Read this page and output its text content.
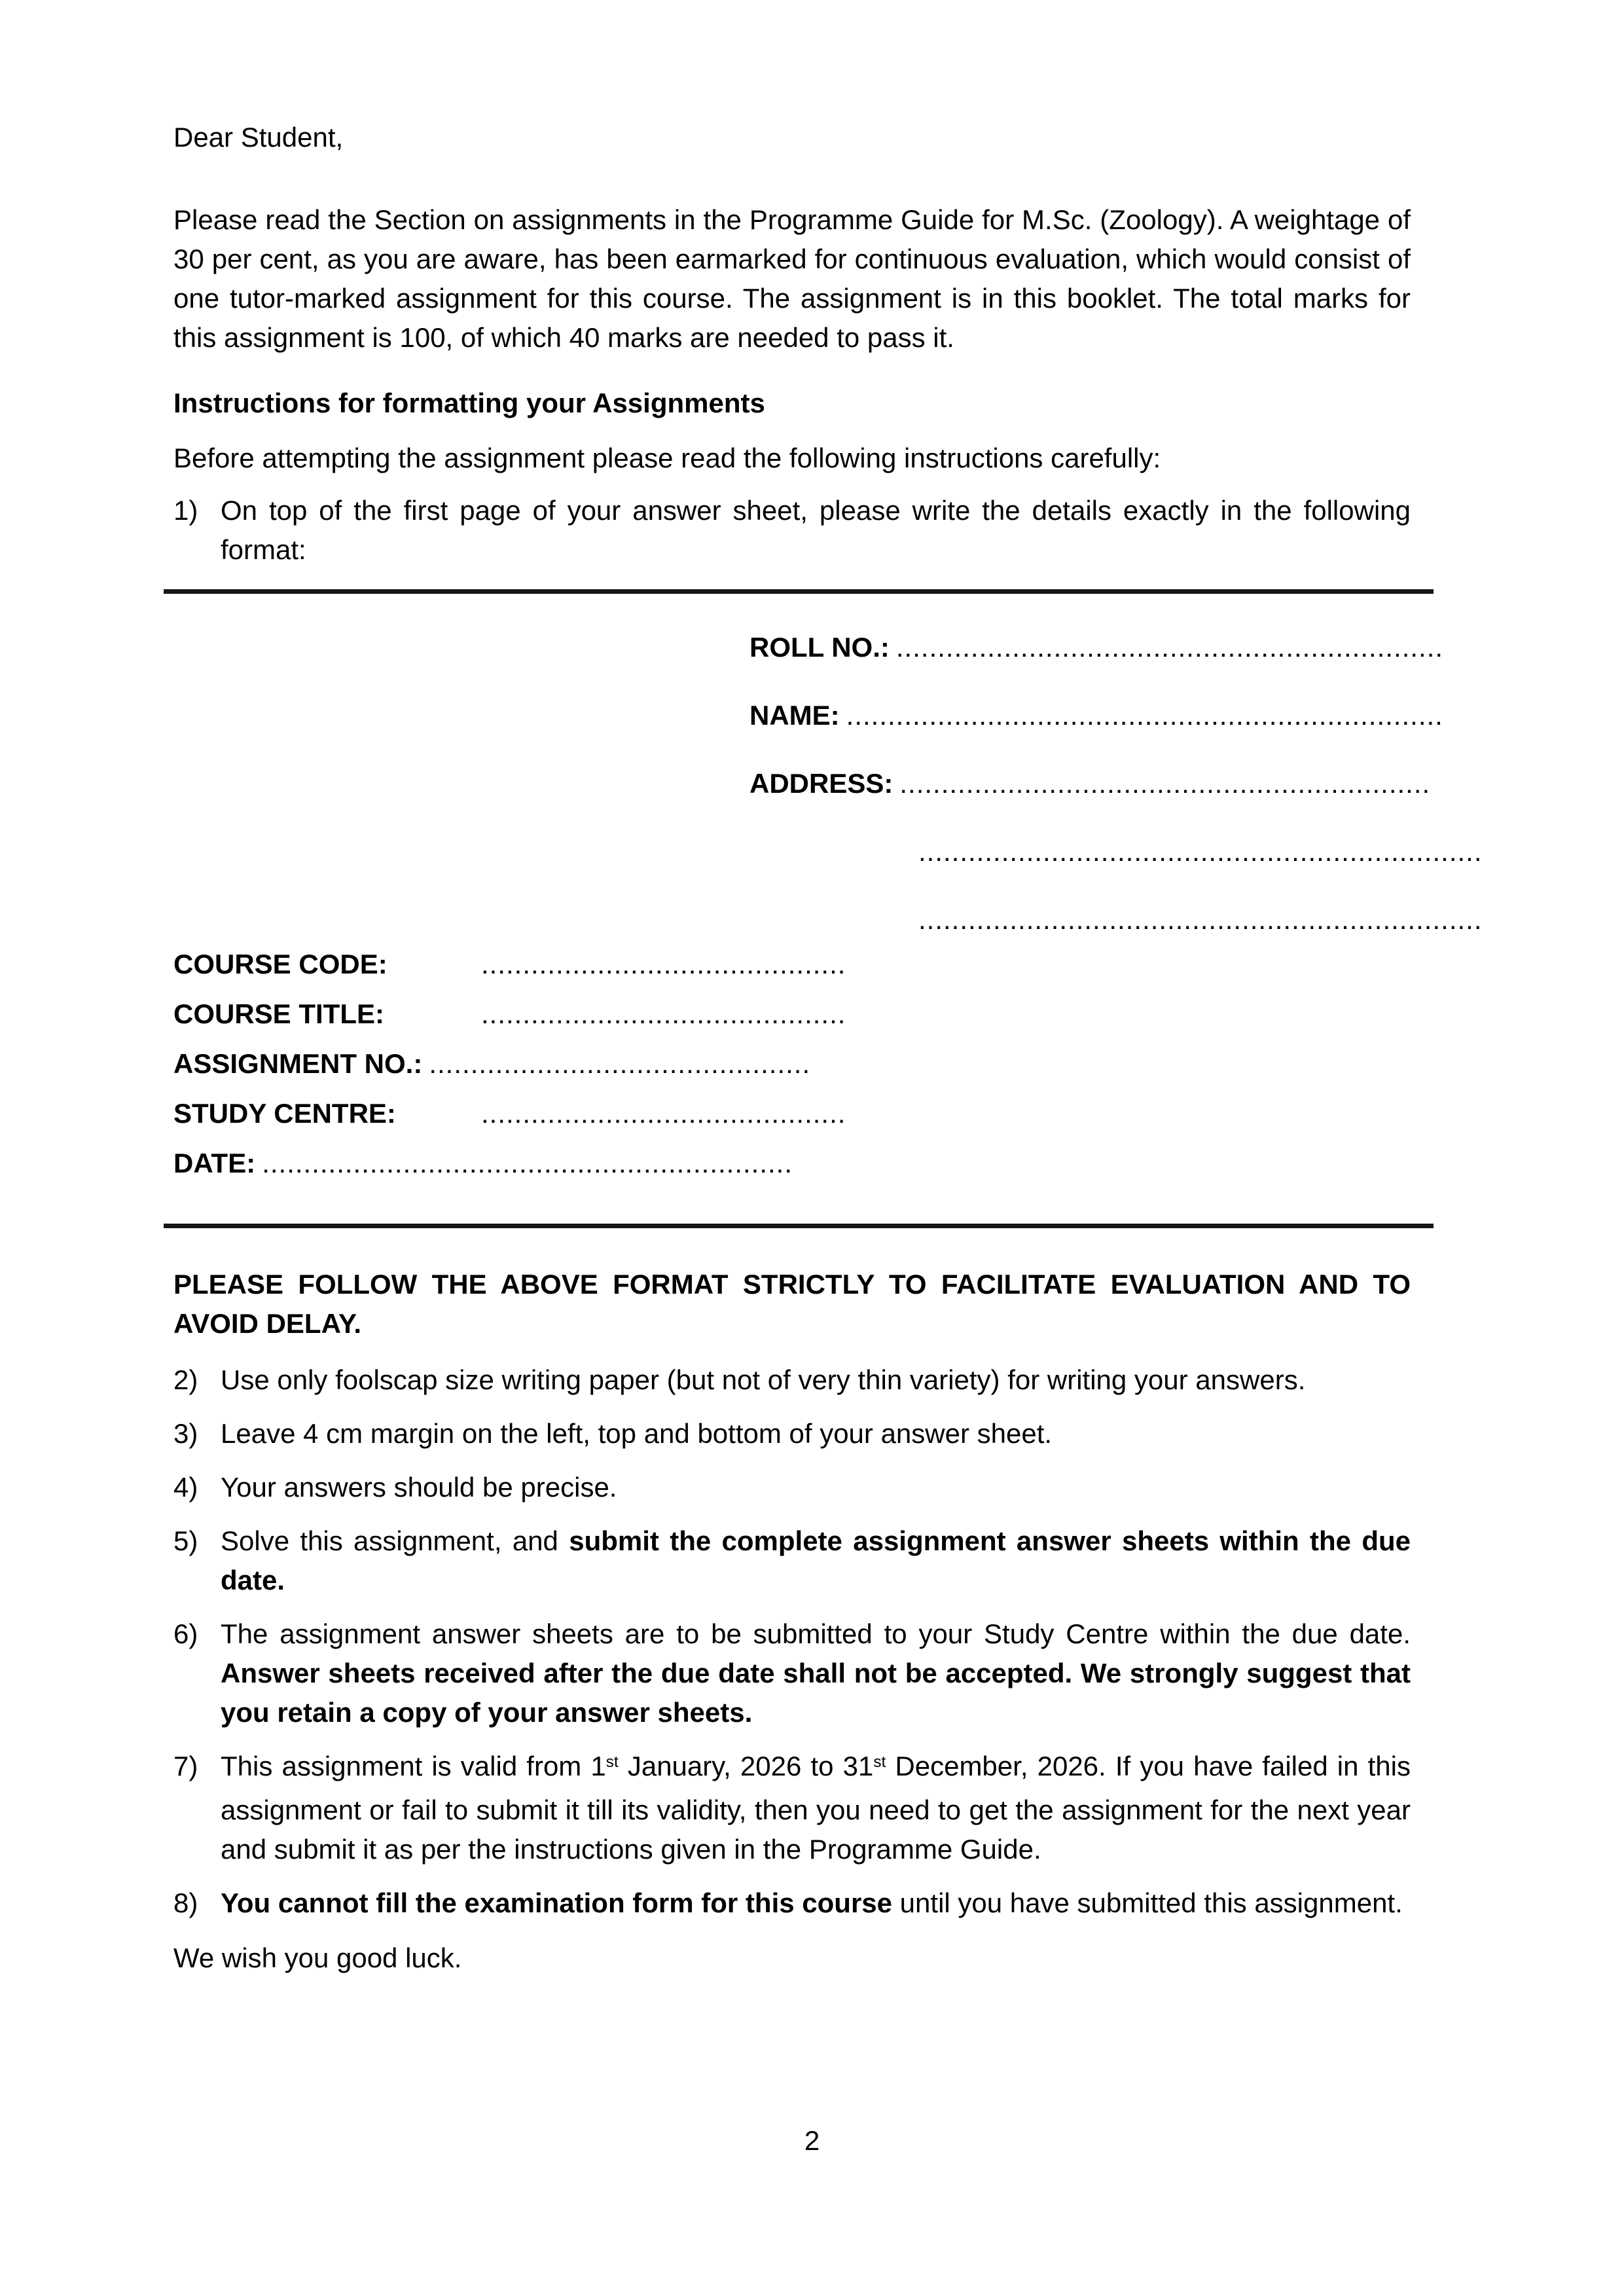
Dear Student,

Please read the Section on assignments in the Programme Guide for M.Sc. (Zoology). A weightage of 30 per cent, as you are aware, has been earmarked for continuous evaluation, which would consist of one tutor-marked assignment for this course. The assignment is in this booklet. The total marks for this assignment is 100, of which 40 marks are needed to pass it.

Instructions for formatting your Assignments

Before attempting the assignment please read the following instructions carefully:

1) On top of the first page of your answer sheet, please write the details exactly in the following format:

ROLL NO.: ..................................................................
NAME: ........................................................................
ADDRESS: ................................................................
....................................................................
....................................................................
COURSE CODE:	............................................
COURSE TITLE:	............................................
ASSIGNMENT NO.: ..............................................
STUDY CENTRE:	............................................
DATE: ................................................................

PLEASE FOLLOW THE ABOVE FORMAT STRICTLY TO FACILITATE EVALUATION AND TO AVOID DELAY.

2) Use only foolscap size writing paper (but not of very thin variety) for writing your answers.

3) Leave 4 cm margin on the left, top and bottom of your answer sheet.

4) Your answers should be precise.

5) Solve this assignment, and submit the complete assignment answer sheets within the due date.

6) The assignment answer sheets are to be submitted to your Study Centre within the due date. Answer sheets received after the due date shall not be accepted. We strongly suggest that you retain a copy of your answer sheets.

7) This assignment is valid from 1st January, 2026 to 31st December, 2026. If you have failed in this assignment or fail to submit it till its validity, then you need to get the assignment for the next year and submit it as per the instructions given in the Programme Guide.

8) You cannot fill the examination form for this course until you have submitted this assignment.

We wish you good luck.

2
